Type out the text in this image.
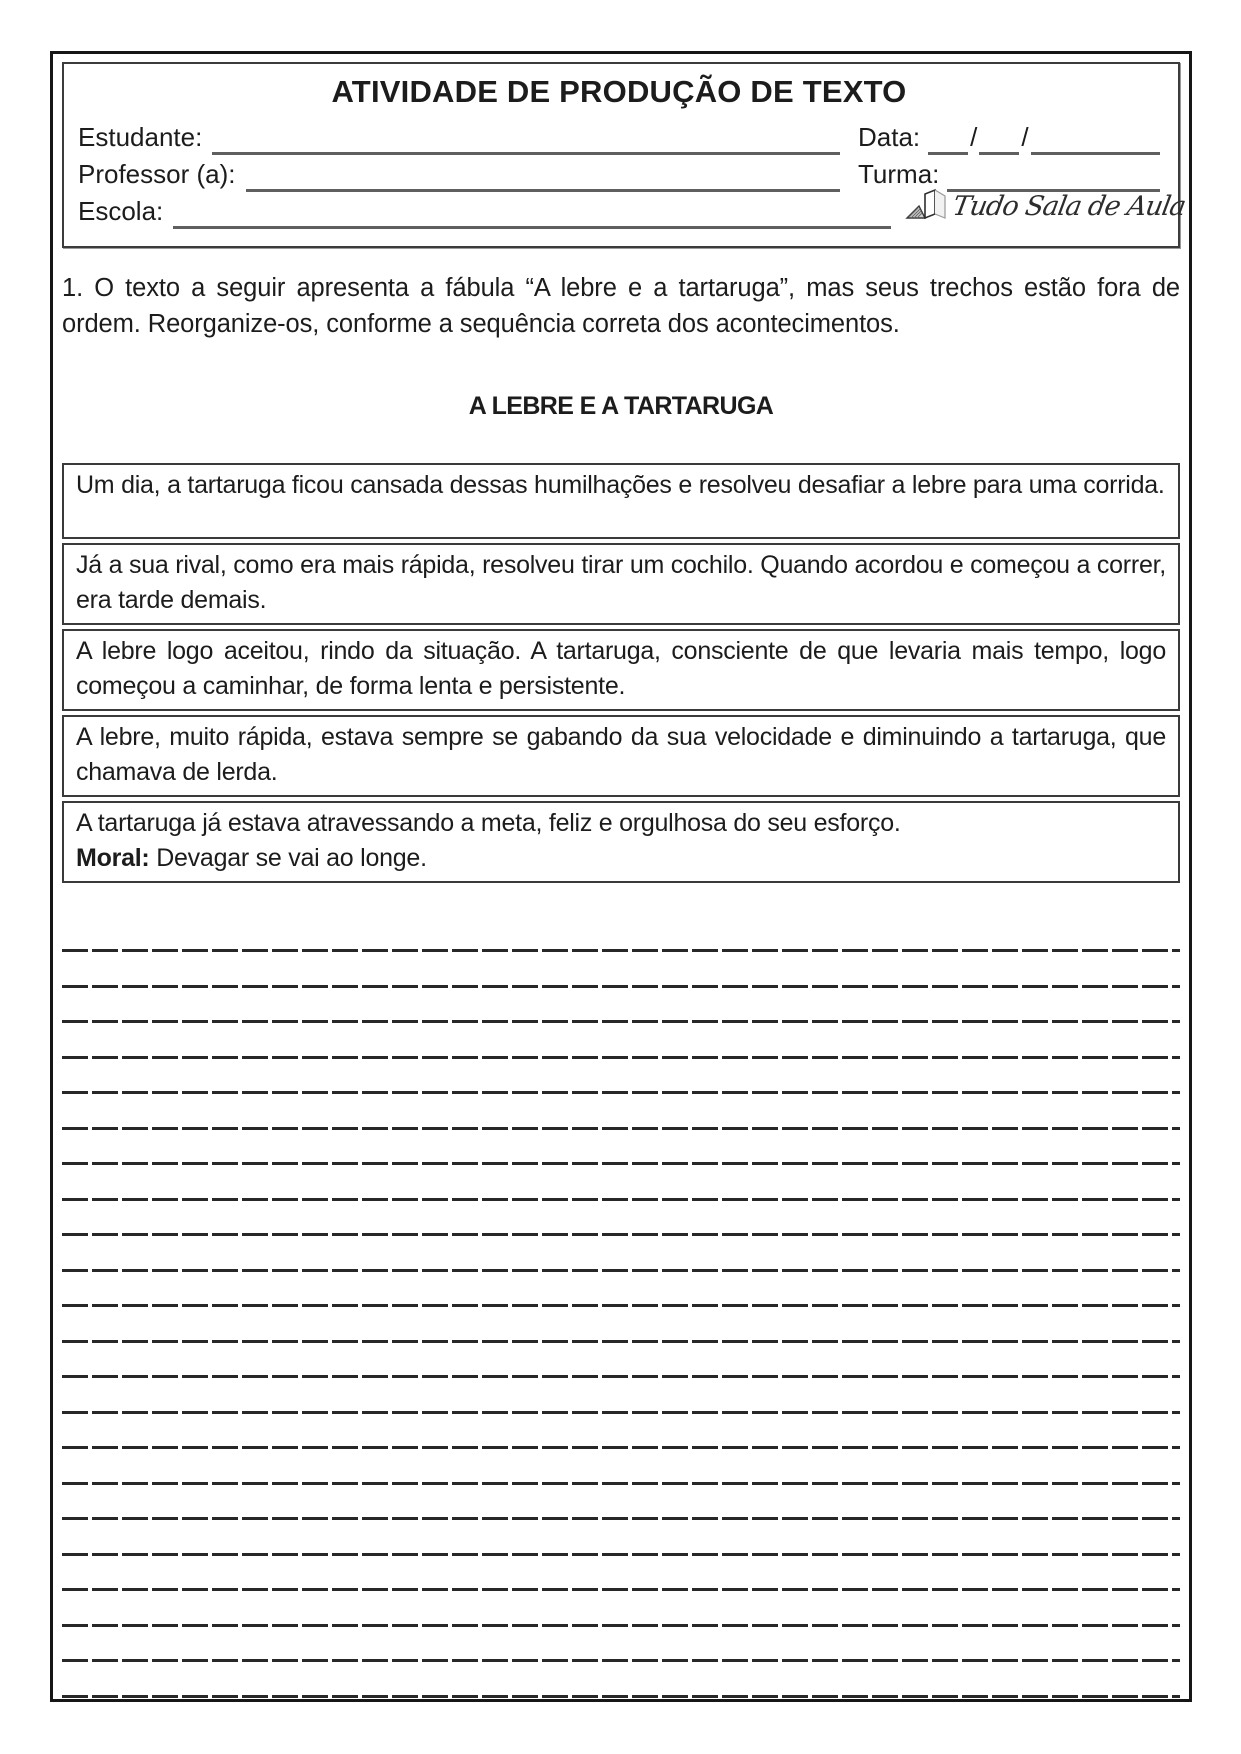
ATIVIDADE DE PRODUÇÃO DE TEXTO
Estudante:	Data: / /
Professor (a):	Turma:
Escola:	Tudo Sala de Aula

1. O texto a seguir apresenta a fábula “A lebre e a tartaruga”, mas seus trechos estão fora de ordem. Reorganize-os, conforme a sequência correta dos acontecimentos.

A LEBRE E A TARTARUGA
Um dia, a tartaruga ficou cansada dessas humilhações e resolveu desafiar a lebre para uma corrida.
Já a sua rival, como era mais rápida, resolveu tirar um cochilo. Quando acordou e começou a correr, era tarde demais.
A lebre logo aceitou, rindo da situação. A tartaruga, consciente de que levaria mais tempo, logo começou a caminhar, de forma lenta e persistente.
A lebre, muito rápida, estava sempre se gabando da sua velocidade e diminuindo a tartaruga, que chamava de lerda.
A tartaruga já estava atravessando a meta, feliz e orgulhosa do seu esforço.
Moral: Devagar se vai ao longe.
